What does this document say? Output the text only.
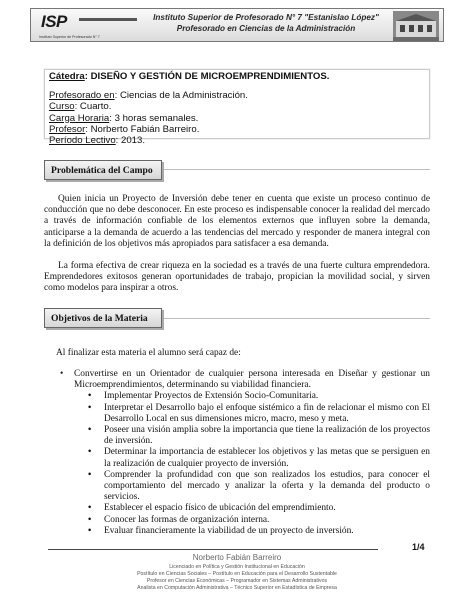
ISP
Instituto Superior de Profesorado N° 7
Instituto Superior de Profesorado N° 7 "Estanislao López"
Profesorado en Ciencias de la Administración
Cátedra: DISEÑO Y GESTIÓN DE MICROEMPRENDIMIENTOS.
Profesorado en: Ciencias de la Administración.
Curso: Cuarto.
Carga Horaria: 3 horas semanales.
Profesor: Norberto Fabián Barreiro.
Período Lectivo: 2013.
Problemática del Campo
Quien inicia un Proyecto de Inversión debe tener en cuenta que existe un proceso continuo de conducción que no debe desconocer. En este proceso es indispensable conocer la realidad del mercado a través de información confiable de los elementos externos que influyen sobre la demanda, anticiparse a la demanda de acuerdo a las tendencias del mercado y responder de manera integral con la definición de los objetivos más apropiados para satisfacer a esa demanda.
La forma efectiva de crear riqueza en la sociedad es a través de una fuerte cultura emprendedora. Emprendedores exitosos generan oportunidades de trabajo, propician la movilidad social, y sirven como modelos para inspirar a otros.
Objetivos de la Materia
Al finalizar esta materia el alumno será capaz de:
• Convertirse en un Orientador de cualquier persona interesada en Diseñar y gestionar un Microemprendimientos, determinando su viabilidad financiera.
• Implementar Proyectos de Extensión Socio-Comunitaria.
• Interpretar el Desarrollo bajo el enfoque sistémico a fin de relacionar el mismo con El Desarrollo Local en sus dimensiones micro, macro, meso y meta.
• Poseer una visión amplia sobre la importancia que tiene la realización de los proyectos de inversión.
• Determinar la importancia de establecer los objetivos y las metas que se persiguen en la realización de cualquier proyecto de inversión.
• Comprender la profundidad con que son realizados los estudios, para conocer el comportamiento del mercado y analizar la oferta y la demanda del producto o servicios.
• Establecer el espacio físico de ubicación del emprendimiento.
• Conocer las formas de organización interna.
• Evaluar financieramente la viabilidad de un proyecto de inversión.
1/4
Norberto Fabián Barreiro
Licenciado en Política y Gestión Institucional en Educación
Postítulo en Ciencias Sociales – Postítulo en Educación para el Desarrollo Sustentable
Profesor en Ciencias Económicas – Programador en Sistemas Administrativos
Analista en Computación Administrativa – Técnico Superior en Estadística de Empresa
